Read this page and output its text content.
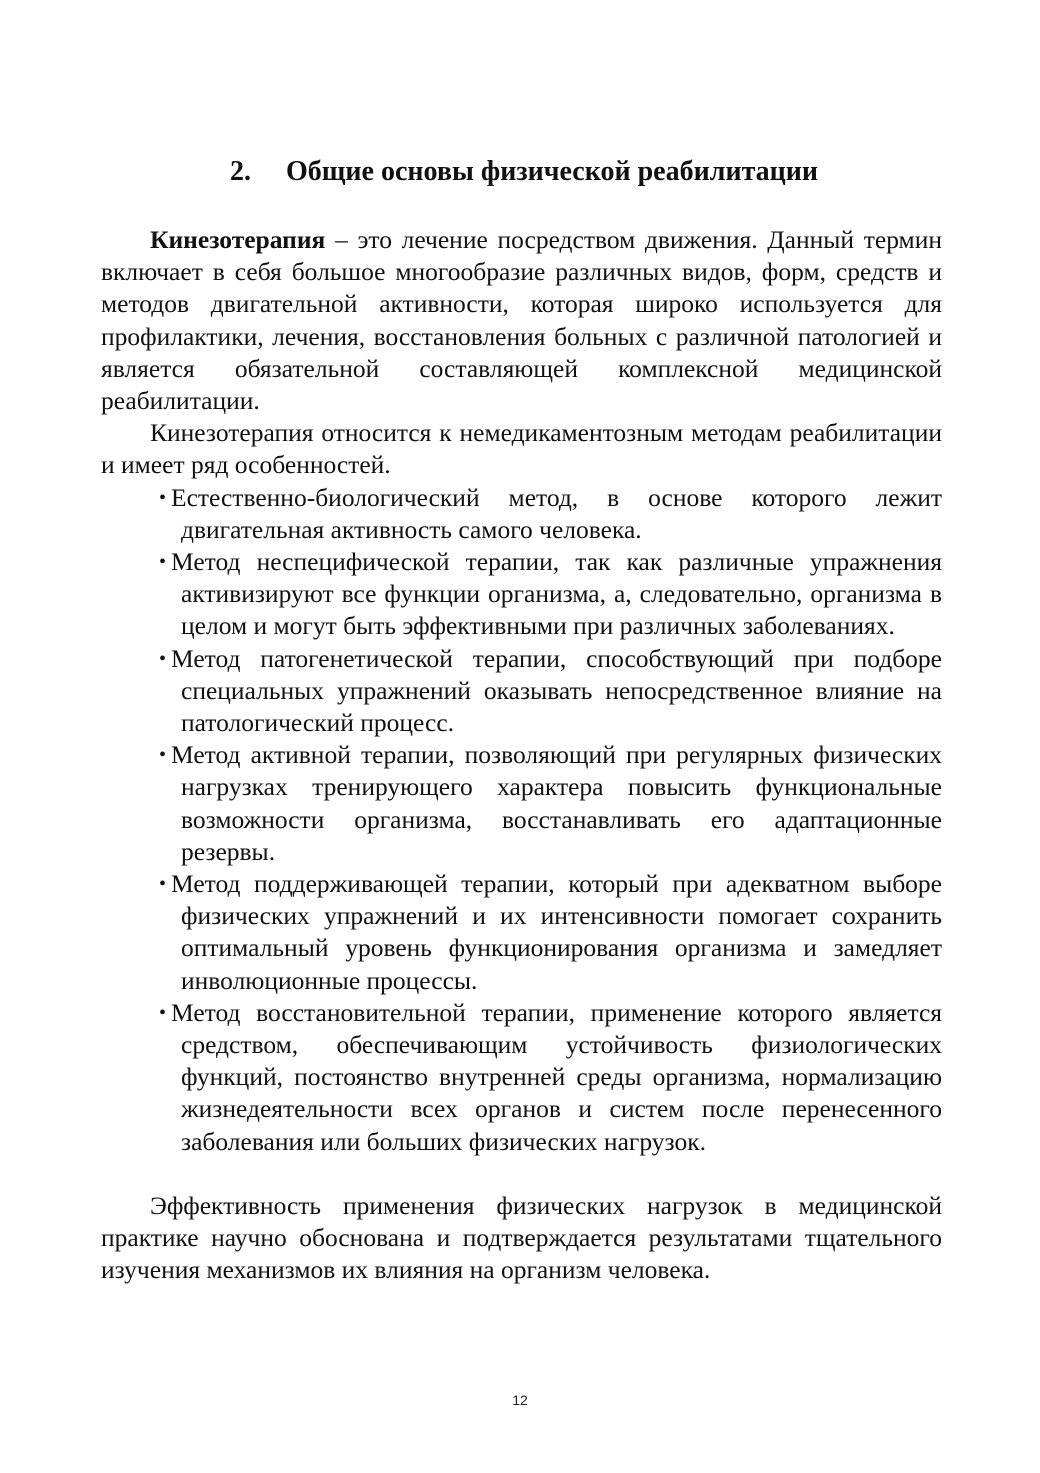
2. Общие основы физической реабилитации

Кинезотерапия – это лечение посредством движения. Данный термин включает в себя большое многообразие различных видов, форм, средств и методов двигательной активности, которая широко используется для профилактики, лечения, восстановления больных с различной патологией и является обязательной составляющей комплексной медицинской реабилитации.

Кинезотерапия относится к немедикаментозным методам реабилитации и имеет ряд особенностей.

• Естественно-биологический метод, в основе которого лежит двигательная активность самого человека.
• Метод неспецифической терапии, так как различные упражнения активизируют все функции организма, а, следовательно, организма в целом и могут быть эффективными при различных заболеваниях.
• Метод патогенетической терапии, способствующий при подборе специальных упражнений оказывать непосредственное влияние на патологический процесс.
• Метод активной терапии, позволяющий при регулярных физических нагрузках тренирующего характера повысить функциональные возможности организма, восстанавливать его адаптационные резервы.
• Метод поддерживающей терапии, который при адекватном выборе физических упражнений и их интенсивности помогает сохранить оптимальный уровень функционирования организма и замедляет инволюционные процессы.
• Метод восстановительной терапии, применение которого является средством, обеспечивающим устойчивость физиологических функций, постоянство внутренней среды организма, нормализацию жизнедеятельности всех органов и систем после перенесенного заболевания или больших физических нагрузок.

Эффективность применения физических нагрузок в медицинской практике научно обоснована и подтверждается результатами тщательного изучения механизмов их влияния на организм человека.

12
